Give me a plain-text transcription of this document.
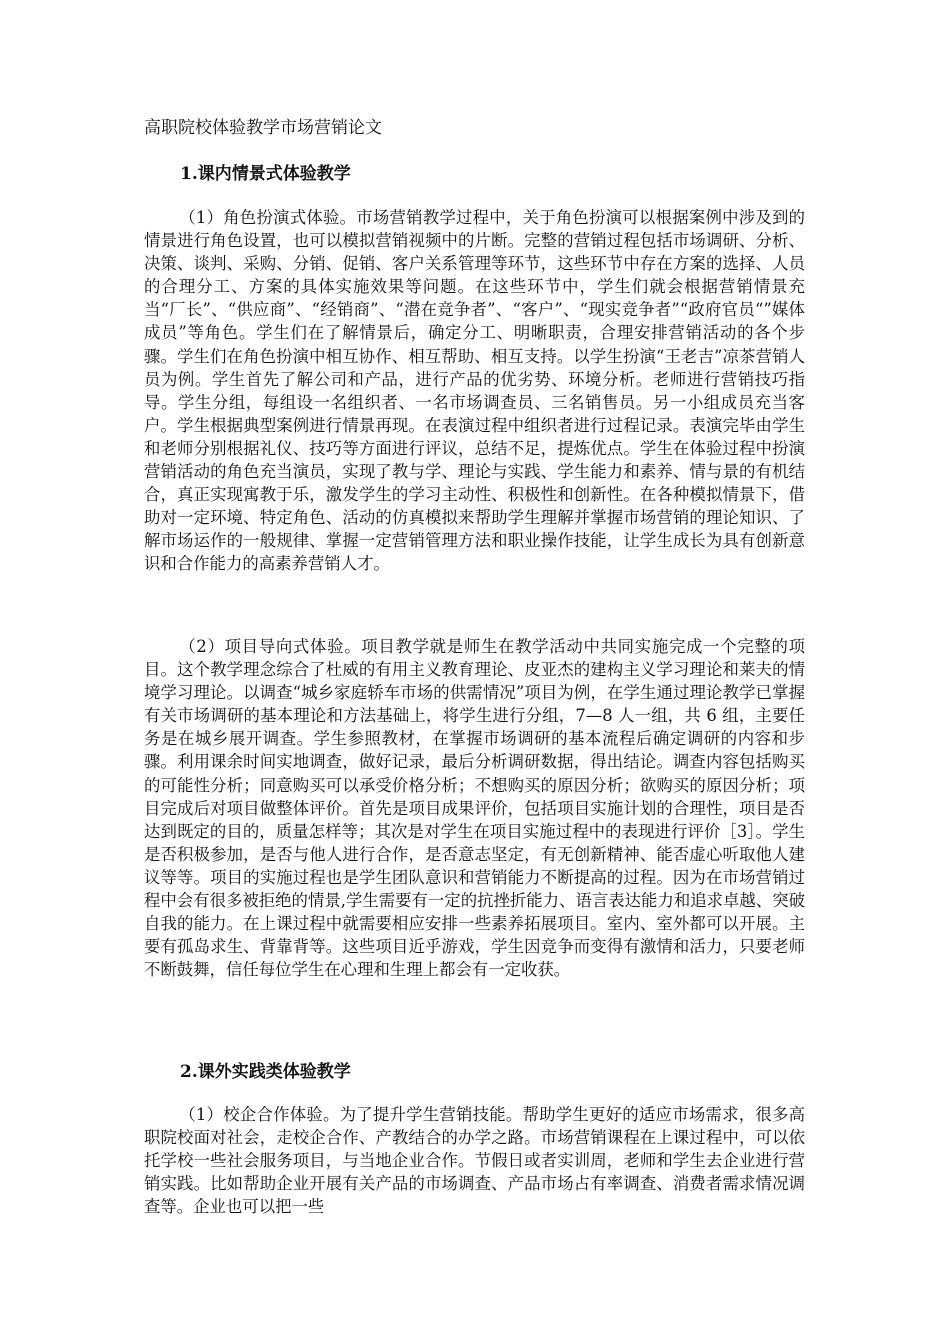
高职院校体验教学市场营销论文
1.课内情景式体验教学

（1）角色扮演式体验。市场营销教学过程中，关于角色扮演可以根据案例中涉及到的情景进行角色设置，也可以模拟营销视频中的片断。完整的营销过程包括市场调研、分析、决策、谈判、采购、分销、促销、客户关系管理等环节，这些环节中存在方案的选择、人员的合理分工、方案的具体实施效果等问题。在这些环节中，学生们就会根据营销情景充当“厂长”、“供应商”、“经销商”、“潜在竞争者”、“客户”、“现实竞争者”“政府官员“”媒体成员”等角色。学生们在了解情景后，确定分工、明晰职责，合理安排营销活动的各个步骤。学生们在角色扮演中相互协作、相互帮助、相互支持。以学生扮演“王老吉”凉茶营销人员为例。学生首先了解公司和产品，进行产品的优劣势、环境分析。老师进行营销技巧指导。学生分组，每组设一名组织者、一名市场调查员、三名销售员。另一小组成员充当客户。学生根据典型案例进行情景再现。在表演过程中组织者进行过程记录。表演完毕由学生和老师分别根据礼仪、技巧等方面进行评议，总结不足，提炼优点。学生在体验过程中扮演营销活动的角色充当演员，实现了教与学、理论与实践、学生能力和素养、情与景的有机结合，真正实现寓教于乐，激发学生的学习主动性、积极性和创新性。在各种模拟情景下，借助对一定环境、特定角色、活动的仿真模拟来帮助学生理解并掌握市场营销的理论知识、了解市场运作的一般规律、掌握一定营销管理方法和职业操作技能，让学生成长为具有创新意识和合作能力的高素养营销人才。

（2）项目导向式体验。项目教学就是师生在教学活动中共同实施完成一个完整的项目。这个教学理念综合了杜威的有用主义教育理论、皮亚杰的建构主义学习理论和莱夫的情境学习理论。以调查“城乡家庭轿车市场的供需情况”项目为例，在学生通过理论教学已掌握有关市场调研的基本理论和方法基础上，将学生进行分组，7—8 人一组，共 6 组，主要任务是在城乡展开调查。学生参照教材，在掌握市场调研的基本流程后确定调研的内容和步骤。利用课余时间实地调查，做好记录，最后分析调研数据，得出结论。调查内容包括购买的可能性分析；同意购买可以承受价格分析；不想购买的原因分析；欲购买的原因分析；项目完成后对项目做整体评价。首先是项目成果评价，包括项目实施计划的合理性，项目是否达到既定的目的，质量怎样等；其次是对学生在项目实施过程中的表现进行评价［3］。学生是否积极参加，是否与他人进行合作，是否意志坚定，有无创新精神、能否虚心听取他人建议等等。项目的实施过程也是学生团队意识和营销能力不断提高的过程。因为在市场营销过程中会有很多被拒绝的情景,学生需要有一定的抗挫折能力、语言表达能力和追求卓越、突破自我的能力。在上课过程中就需要相应安排一些素养拓展项目。室内、室外都可以开展。主要有孤岛求生、背靠背等。这些项目近乎游戏，学生因竞争而变得有激情和活力，只要老师不断鼓舞，信任每位学生在心理和生理上都会有一定收获。

2.课外实践类体验教学

（1）校企合作体验。为了提升学生营销技能。帮助学生更好的适应市场需求，很多高职院校面对社会，走校企合作、产教结合的办学之路。市场营销课程在上课过程中，可以依托学校一些社会服务项目，与当地企业合作。节假日或者实训周，老师和学生去企业进行营销实践。比如帮助企业开展有关产品的市场调查、产品市场占有率调查、消费者需求情况调查等。企业也可以把一些
